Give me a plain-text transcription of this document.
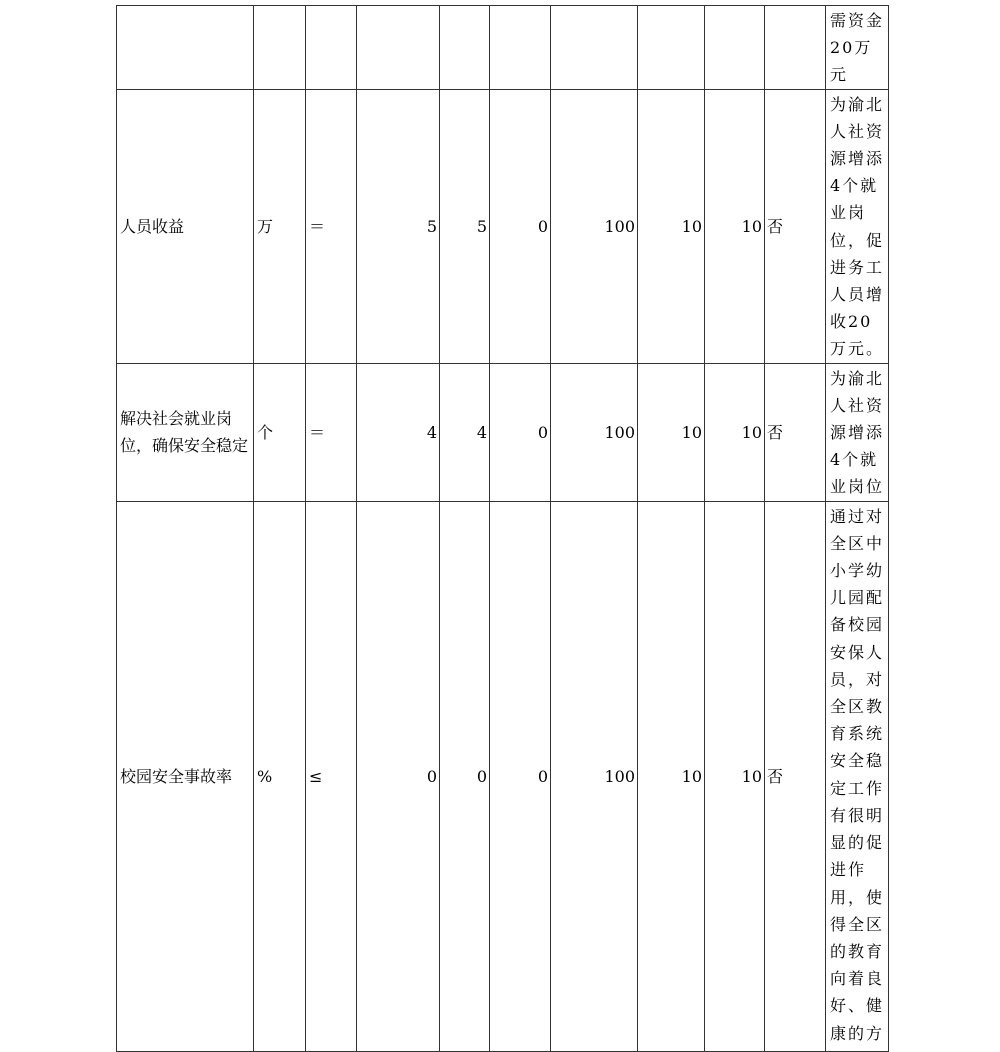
										需资金20万元

人员收益	万	＝	5	5	0	100	10	10	否	为渝北人社资源增添4个就业岗位，促进务工人员增收20万元。

解决社会就业岗位，确保安全稳定	个	＝	4	4	0	100	10	10	否	为渝北人社资源增添4个就业岗位

校园安全事故率	%	≤	0	0	0	100	10	10	否	通过对全区中小学幼儿园配备校园安保人员，对全区教育系统安全稳定工作有很明显的促进作用，使得全区的教育向着良好、健康的方
